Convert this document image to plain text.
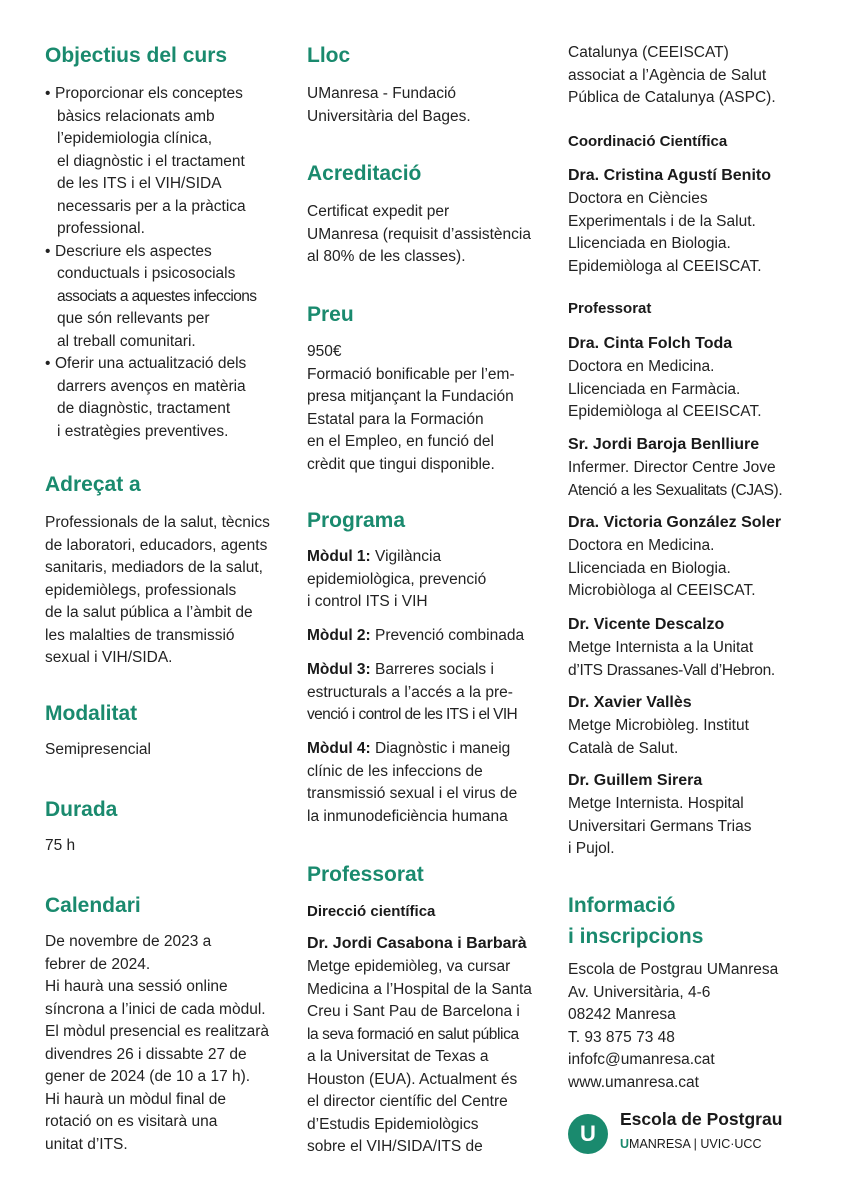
Objectius del curs
• Proporcionar els conceptes
bàsics relacionats amb
l’epidemiologia clínica,
el diagnòstic i el tractament
de les ITS i el VIH/SIDA
necessaris per a la pràctica
professional.
• Descriure els aspectes
conductuals i psicosocials
associats a aquestes infeccions
que són rellevants per
al treball comunitari.
• Oferir una actualització dels
darrers avenços en matèria
de diagnòstic, tractament
i estratègies preventives.
Adreçat a
Professionals de la salut, tècnics
de laboratori, educadors, agents
sanitaris, mediadors de la salut,
epidemiòlegs, professionals
de la salut pública a l’àmbit de
les malalties de transmissió
sexual i VIH/SIDA.
Modalitat
Semipresencial
Durada
75 h
Calendari
De novembre de 2023 a
febrer de 2024.
Hi haurà una sessió online
síncrona a l’inici de cada mòdul.
El mòdul presencial es realitzarà
divendres 26 i dissabte 27 de
gener de 2024 (de 10 a 17 h).
Hi haurà un mòdul final de
rotació on es visitarà una
unitat d’ITS.
Lloc
UManresa - Fundació
Universitària del Bages.
Acreditació
Certificat expedit per
UManresa (requisit d’assistència
al 80% de les classes).
Preu
950€
Formació bonificable per l’em-
presa mitjançant la Fundación
Estatal para la Formación
en el Empleo, en funció del
crèdit que tingui disponible.
Programa
Mòdul 1: Vigilància
epidemiològica, prevenció
i control ITS i VIH
Mòdul 2: Prevenció combinada
Mòdul 3: Barreres socials i
estructurals a l’accés a la pre-
venció i control de les ITS i el VIH
Mòdul 4: Diagnòstic i maneig
clínic de les infeccions de
transmissió sexual i el virus de
la inmunodeficiència humana
Professorat
Direcció científica
Dr. Jordi Casabona i Barbarà
Metge epidemiòleg, va cursar
Medicina a l’Hospital de la Santa
Creu i Sant Pau de Barcelona i
la seva formació en salut pública
a la Universitat de Texas a
Houston (EUA). Actualment és
el director científic del Centre
d’Estudis Epidemiològics
sobre el VIH/SIDA/ITS de
Catalunya (CEEISCAT)
associat a l’Agència de Salut
Pública de Catalunya (ASPC).
Coordinació Científica
Dra. Cristina Agustí Benito
Doctora en Ciències
Experimentals i de la Salut.
Llicenciada en Biologia.
Epidemiòloga al CEEISCAT.
Professorat
Dra. Cinta Folch Toda
Doctora en Medicina.
Llicenciada en Farmàcia.
Epidemiòloga al CEEISCAT.
Sr. Jordi Baroja Benlliure
Infermer. Director Centre Jove
Atenció a les Sexualitats (CJAS).
Dra. Victoria González Soler
Doctora en Medicina.
Llicenciada en Biologia.
Microbiòloga al CEEISCAT.
Dr. Vicente Descalzo
Metge Internista a la Unitat
d’ITS Drassanes-Vall d’Hebron.
Dr. Xavier Vallès
Metge Microbiòleg. Institut
Català de Salut.
Dr. Guillem Sirera
Metge Internista. Hospital
Universitari Germans Trias
i Pujol.
Informació
i inscripcions
Escola de Postgrau UManresa
Av. Universitària, 4-6
08242 Manresa
T. 93 875 73 48
infofc@umanresa.cat
www.umanresa.cat
U
Escola de Postgrau
UMANRESA | UVIC·UCC
